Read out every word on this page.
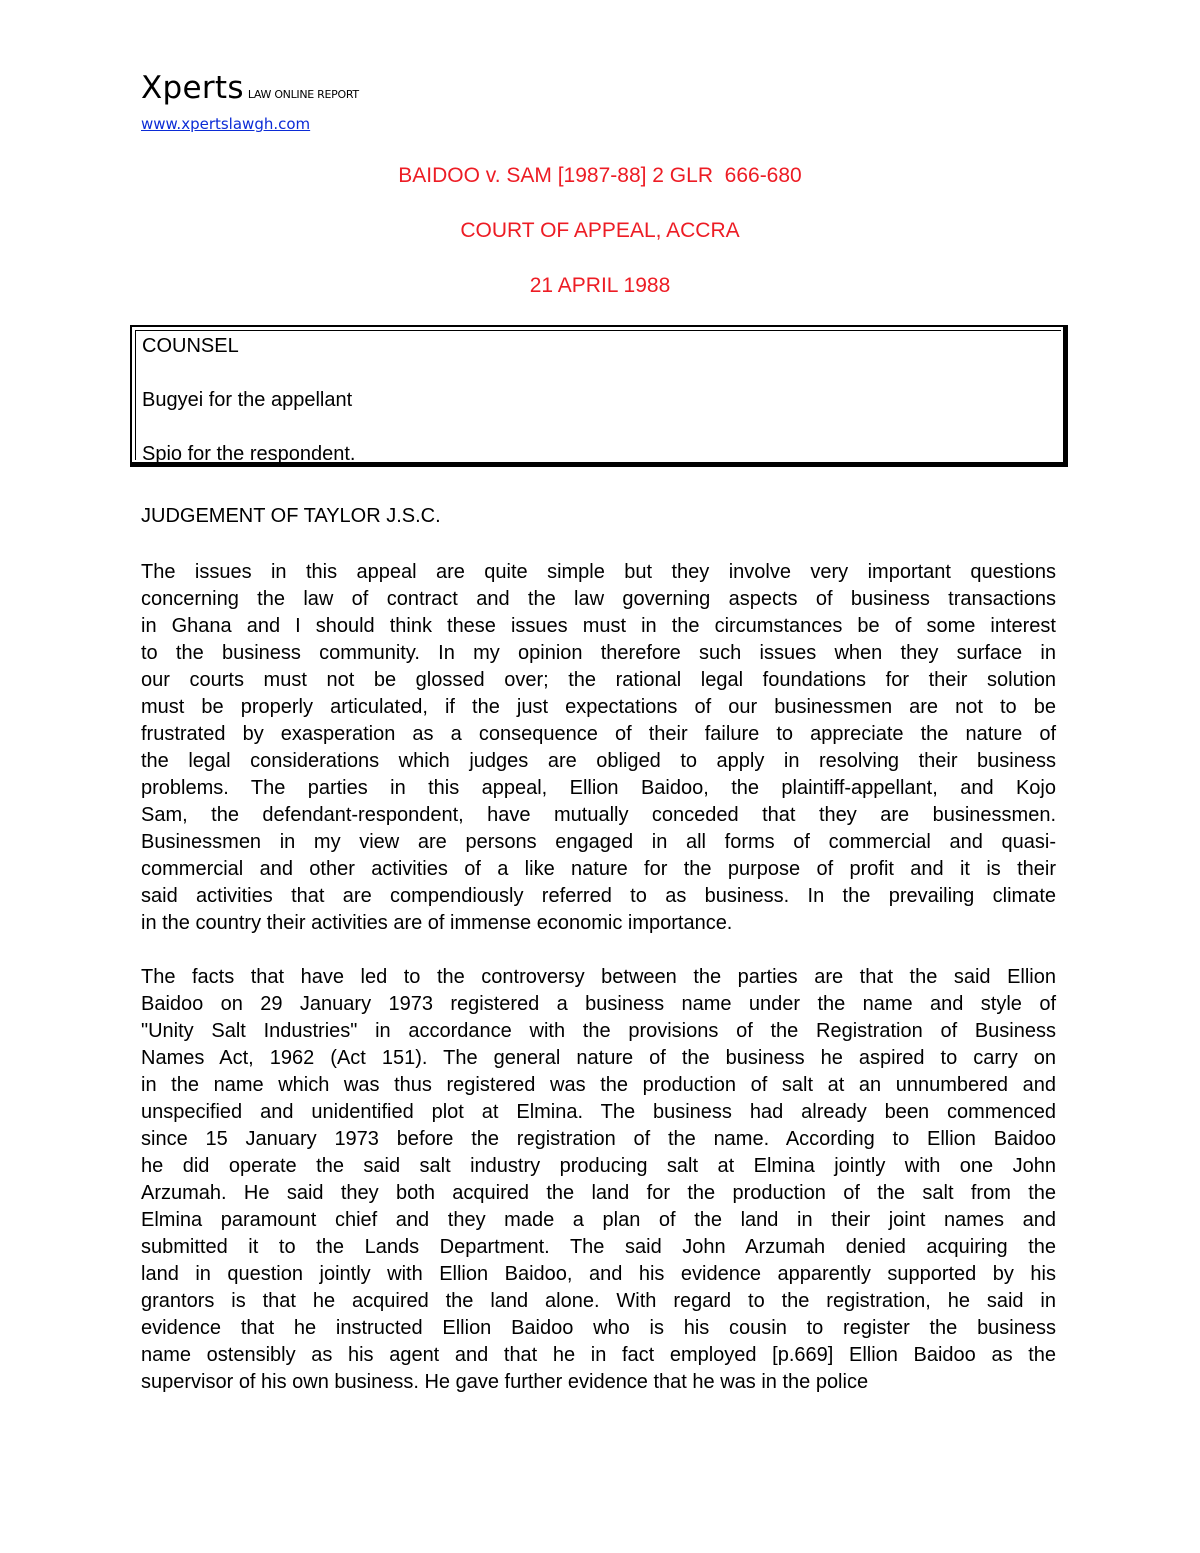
Xperts LAW ONLINE REPORT
www.xpertslawgh.com
BAIDOO v. SAM [1987-88] 2 GLR  666-680
COURT OF APPEAL, ACCRA
21 APRIL 1988
COUNSEL
Bugyei for the appellant
Spio for the respondent.
JUDGEMENT OF TAYLOR J.S.C.
The issues in this appeal are quite simple but they involve very important questions
concerning the law of contract and the law governing aspects of business transactions
in Ghana and I should think these issues must in the circumstances be of some interest
to the business community. In my opinion therefore such issues when they surface in
our courts must not be glossed over; the rational legal foundations for their solution
must be properly articulated, if the just expectations of our businessmen are not to be
frustrated by exasperation as a consequence of their failure to appreciate the nature of
the legal considerations which judges are obliged to apply in resolving their business
problems. The parties in this appeal, Ellion Baidoo, the plaintiff-appellant, and Kojo
Sam, the defendant-respondent, have mutually conceded that they are businessmen.
Businessmen in my view are persons engaged in all forms of commercial and quasi-
commercial and other activities of a like nature for the purpose of profit and it is their
said activities that are compendiously referred to as business. In the prevailing climate
in the country their activities are of immense economic importance.
The facts that have led to the controversy between the parties are that the said Ellion
Baidoo on 29 January 1973 registered a business name under the name and style of
"Unity Salt Industries" in accordance with the provisions of the Registration of Business
Names Act, 1962 (Act 151). The general nature of the business he aspired to carry on
in the name which was thus registered was the production of salt at an unnumbered and
unspecified and unidentified plot at Elmina. The business had already been commenced
since 15 January 1973 before the registration of the name. According to Ellion Baidoo
he did operate the said salt industry producing salt at Elmina jointly with one John
Arzumah. He said they both acquired the land for the production of the salt from the
Elmina paramount chief and they made a plan of the land in their joint names and
submitted it to the Lands Department. The said John Arzumah denied acquiring the
land in question jointly with Ellion Baidoo, and his evidence apparently supported by his
grantors is that he acquired the land alone. With regard to the registration, he said in
evidence that he instructed Ellion Baidoo who is his cousin to register the business
name ostensibly as his agent and that he in fact employed [p.669] Ellion Baidoo as the
supervisor of his own business. He gave further evidence that he was in the police
